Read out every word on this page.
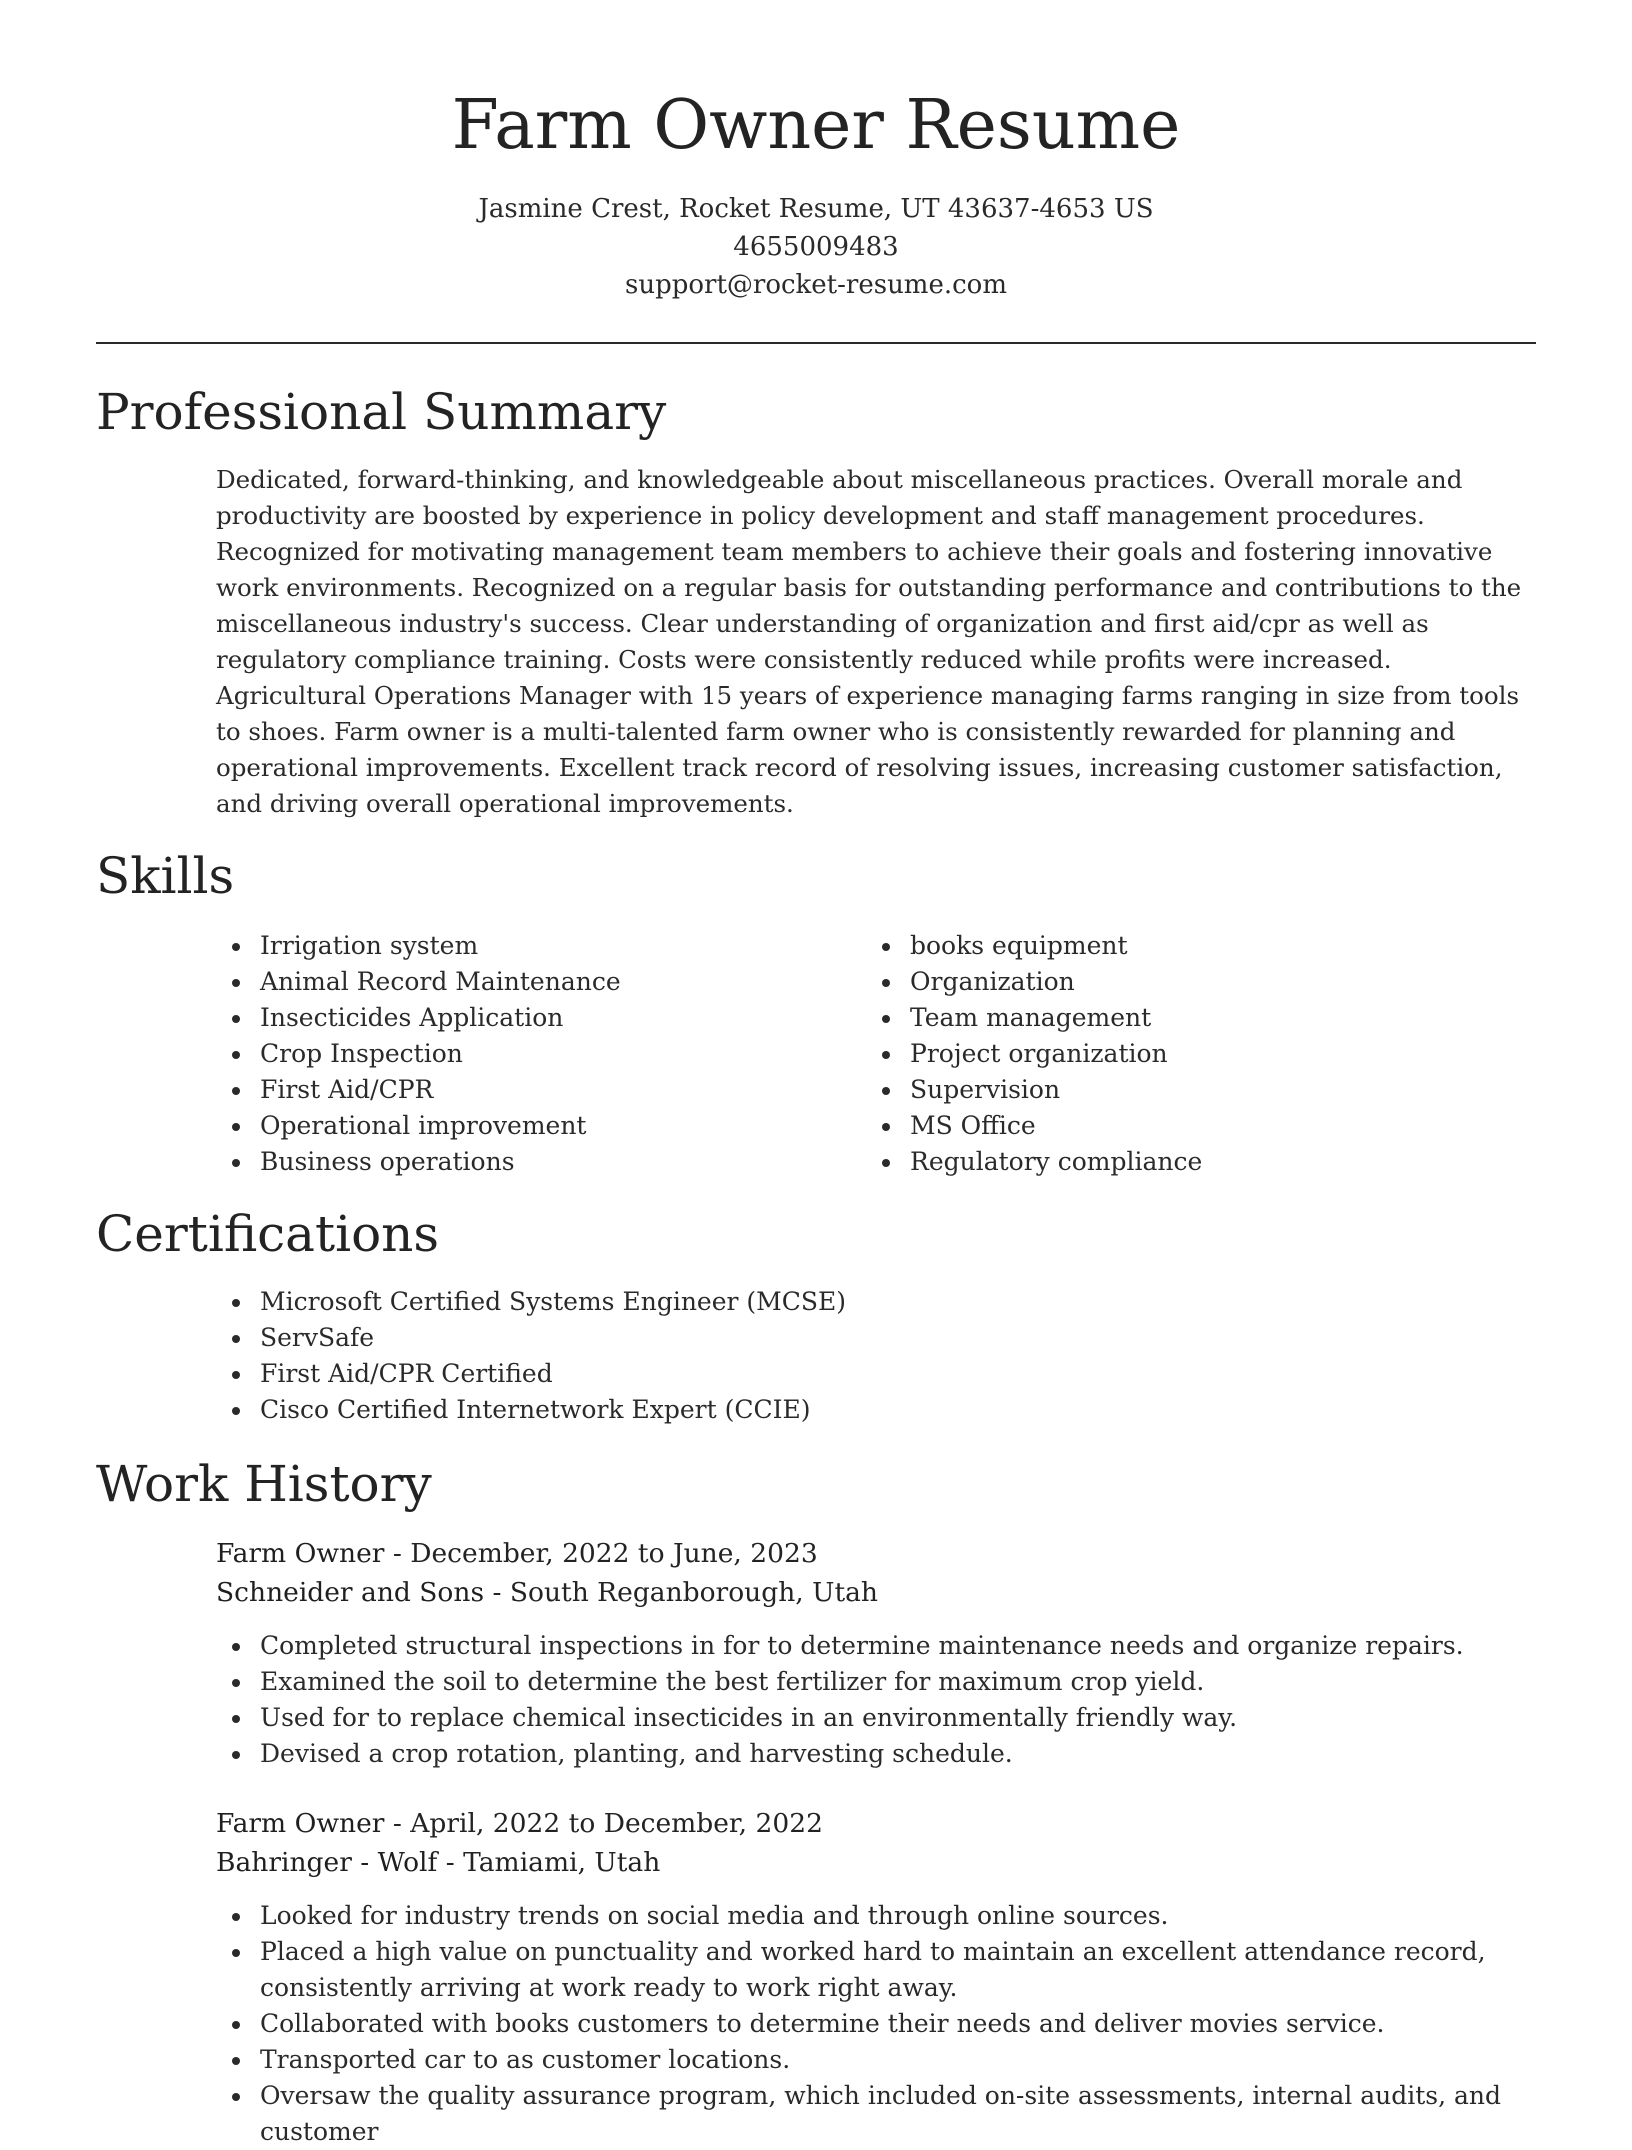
Farm Owner Resume
Jasmine Crest, Rocket Resume, UT 43637-4653 US
4655009483
support@rocket-resume.com
Professional Summary

Dedicated, forward-thinking, and knowledgeable about miscellaneous practices. Overall morale and productivity are boosted by experience in policy development and staff management procedures. Recognized for motivating management team members to achieve their goals and fostering innovative work environments. Recognized on a regular basis for outstanding performance and contributions to the miscellaneous industry's success. Clear understanding of organization and first aid/cpr as well as regulatory compliance training. Costs were consistently reduced while profits were increased. Agricultural Operations Manager with 15 years of experience managing farms ranging in size from tools to shoes. Farm owner is a multi-talented farm owner who is consistently rewarded for planning and operational improvements. Excellent track record of resolving issues, increasing customer satisfaction, and driving overall operational improvements.

Skills
Irrigation system
Animal Record Maintenance
Insecticides Application
Crop Inspection
First Aid/CPR
Operational improvement
Business operations
books equipment
Organization
Team management
Project organization
Supervision
MS Office
Regulatory compliance
Certifications
Microsoft Certified Systems Engineer (MCSE)
ServSafe
First Aid/CPR Certified
Cisco Certified Internetwork Expert (CCIE)
Work History
Farm Owner - December, 2022 to June, 2023
Schneider and Sons - South Reganborough, Utah
Completed structural inspections in for to determine maintenance needs and organize repairs.
Examined the soil to determine the best fertilizer for maximum crop yield.
Used for to replace chemical insecticides in an environmentally friendly way.
Devised a crop rotation, planting, and harvesting schedule.
Farm Owner - April, 2022 to December, 2022
Bahringer - Wolf - Tamiami, Utah
Looked for industry trends on social media and through online sources.
Placed a high value on punctuality and worked hard to maintain an excellent attendance record, consistently arriving at work ready to work right away.
Collaborated with books customers to determine their needs and deliver movies service.
Transported car to as customer locations.
Oversaw the quality assurance program, which included on-site assessments, internal audits, and customer
